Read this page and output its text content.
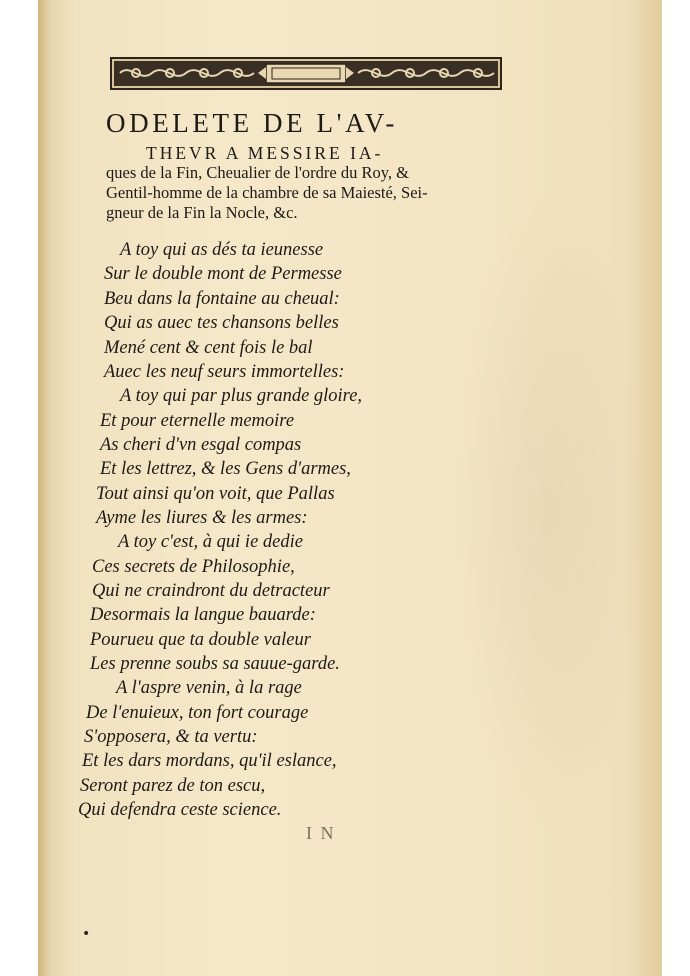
ODELETE DE L'AV-
THEVR A MESSIRE IA-
ques de la Fin, Cheualier de l'ordre du Roy, &
Gentil-homme de la chambre de sa Maiesté, Sei-
gneur de la Fin la Nocle, &c.
A toy qui as dés ta ieunesse
Sur le double mont de Permesse
Beu dans la fontaine au cheual:
Qui as auec tes chansons belles
Mené cent & cent fois le bal
Auec les neuf seurs immortelles:
A toy qui par plus grande gloire,
Et pour eternelle memoire
As cheri d'vn esgal compas
Et les lettrez, & les Gens d'armes,
Tout ainsi qu'on voit, que Pallas
Ayme les liures & les armes:
A toy c'est, à qui ie dedie
Ces secrets de Philosophie,
Qui ne craindront du detracteur
Desormais la langue bauarde:
Pourueu que ta double valeur
Les prenne soubs sa sauue-garde.
A l'aspre venin, à la rage
De l'enuieux, ton fort courage
S'opposera, & ta vertu:
Et les dars mordans, qu'il eslance,
Seront parez de ton escu,
Qui defendra ceste science.
I N
•
